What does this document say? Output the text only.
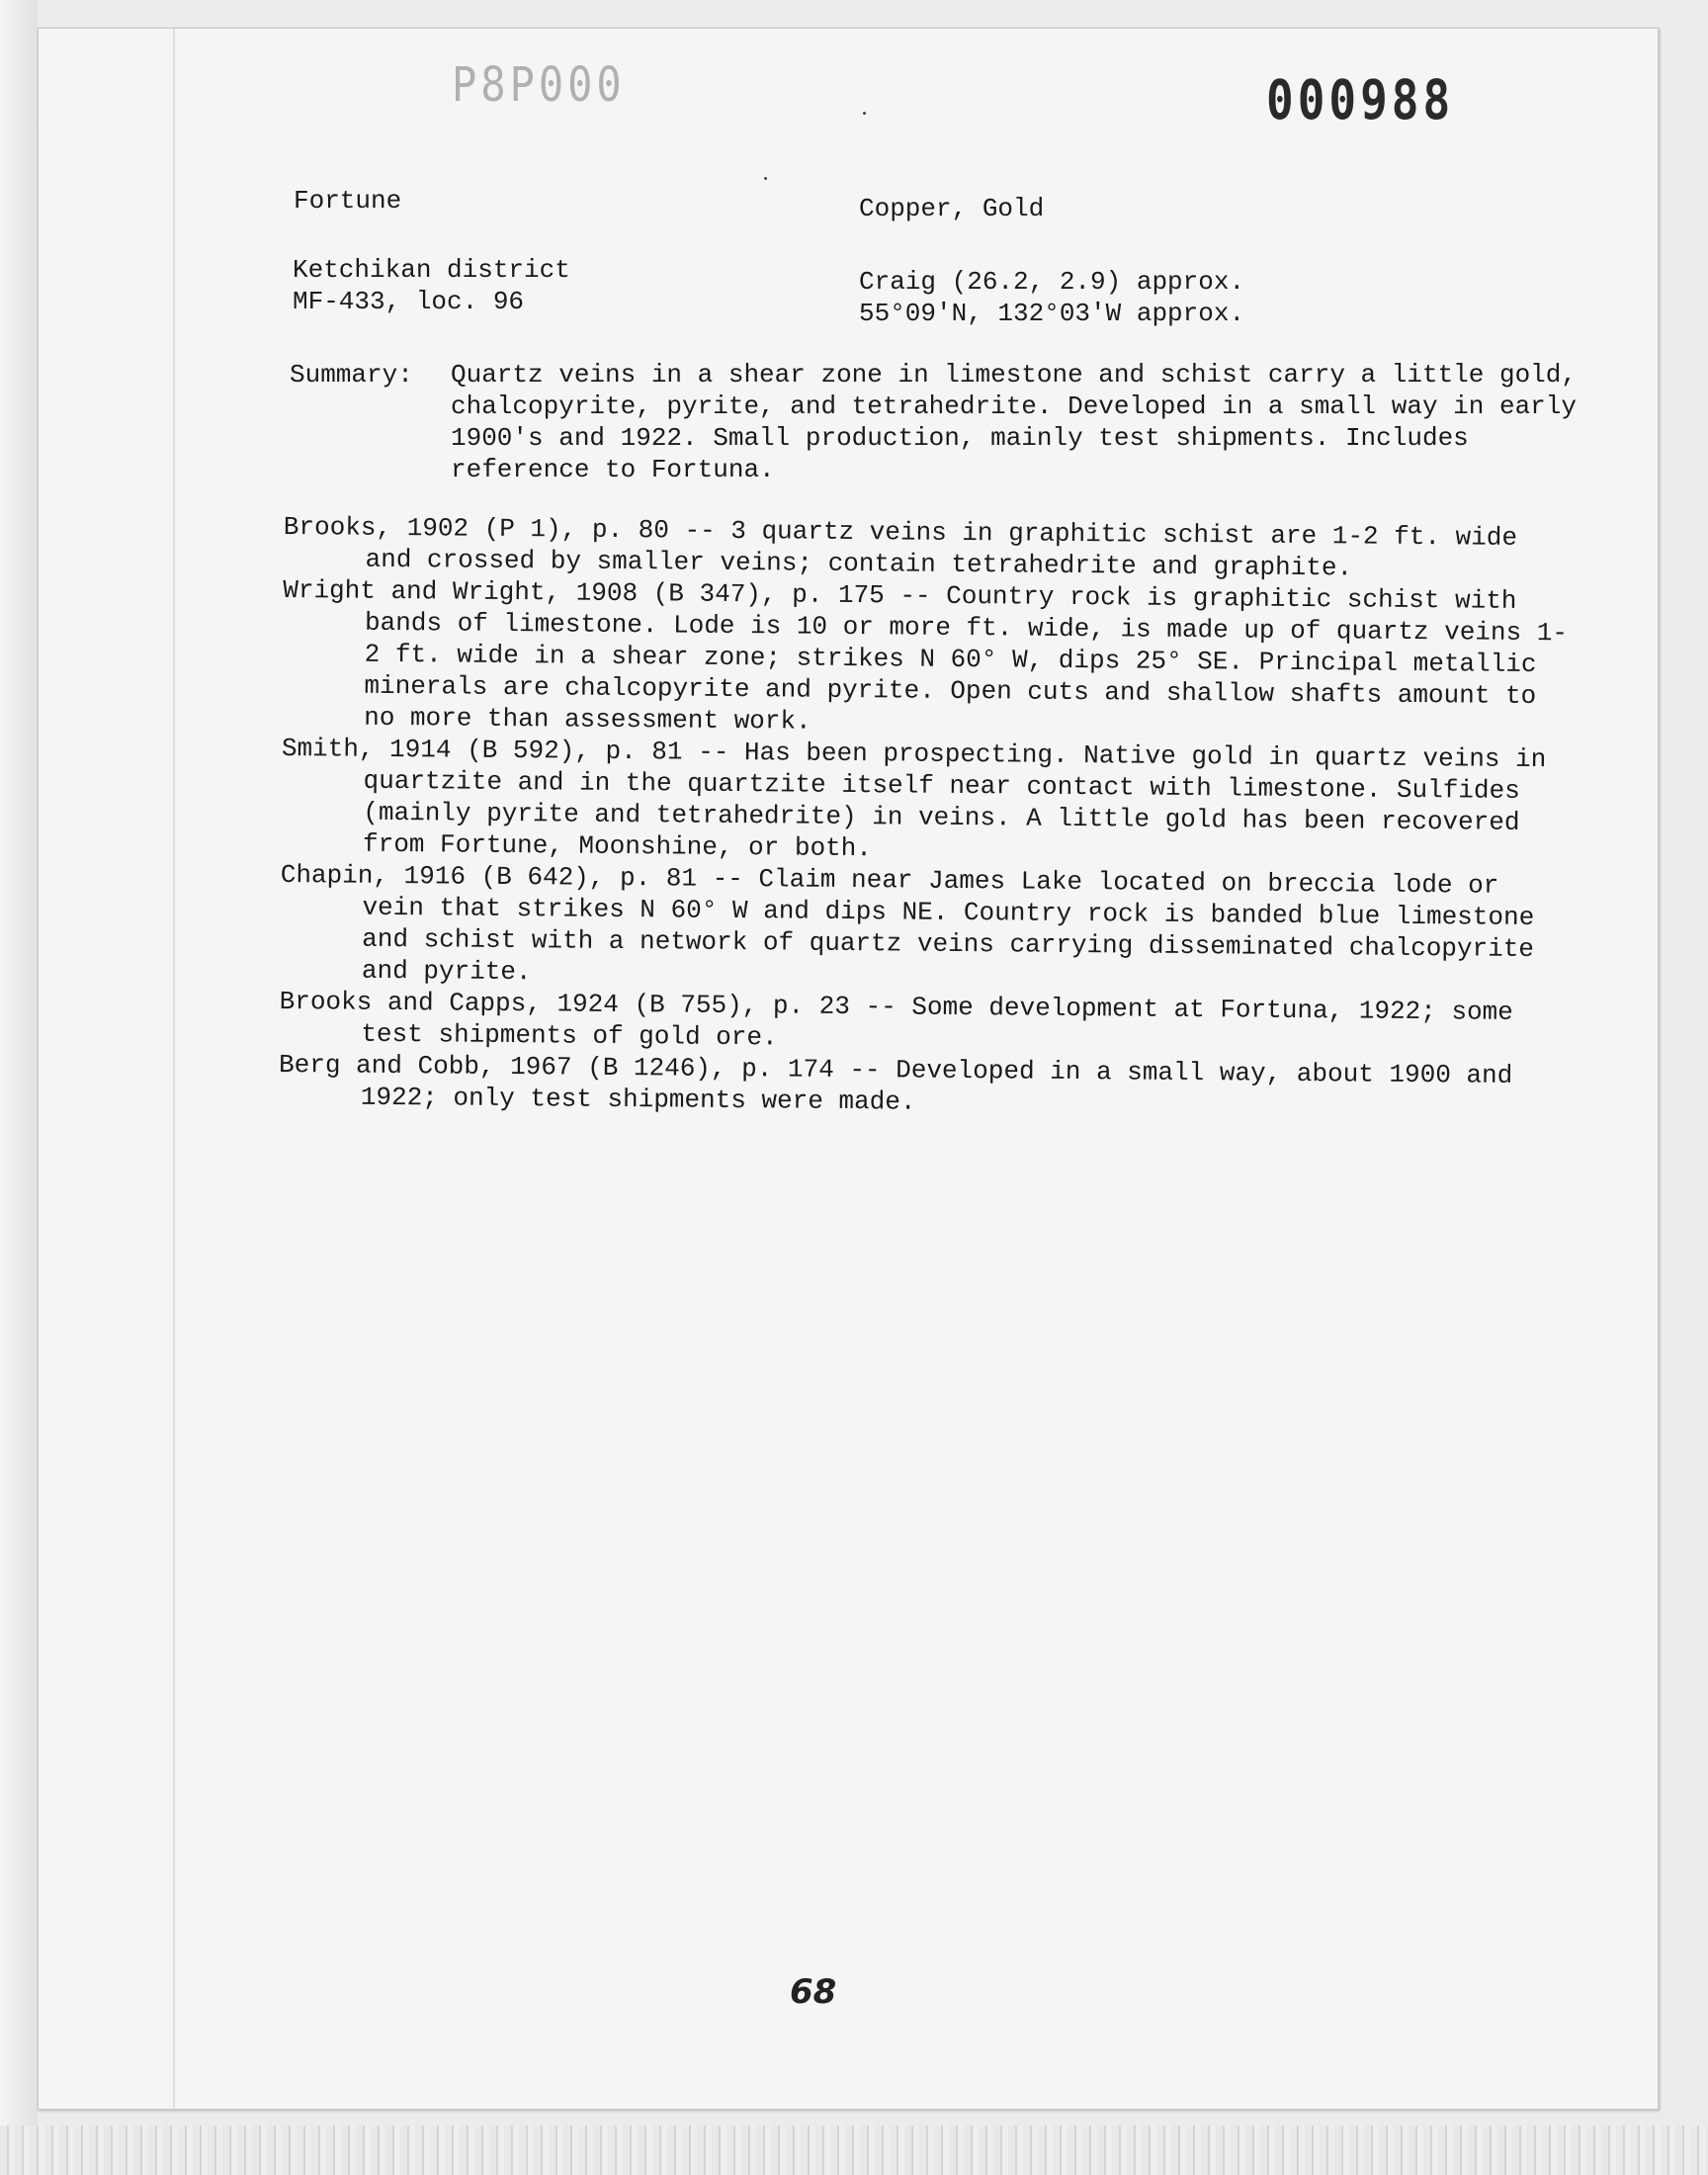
P8P000	000988
Fortune	Copper, Gold
Ketchikan district
MF-433, loc. 96
Craig (26.2, 2.9) approx.
55°09'N, 132°03'W approx.
Summary: Quartz veins in a shear zone in limestone and schist carry a little gold, chalcopyrite, pyrite, and tetrahedrite. Developed in a small way in early 1900's and 1922. Small production, mainly test shipments. Includes reference to Fortuna.

Brooks, 1902 (P 1), p. 80 -- 3 quartz veins in graphitic schist are 1-2 ft. wide and crossed by smaller veins; contain tetrahedrite and graphite.

Wright and Wright, 1908 (B 347), p. 175 -- Country rock is graphitic schist with bands of limestone. Lode is 10 or more ft. wide, is made up of quartz veins 1-2 ft. wide in a shear zone; strikes N 60° W, dips 25° SE. Principal metallic minerals are chalcopyrite and pyrite. Open cuts and shallow shafts amount to no more than assessment work.

Smith, 1914 (B 592), p. 81 -- Has been prospecting. Native gold in quartz veins in quartzite and in the quartzite itself near contact with limestone. Sulfides (mainly pyrite and tetrahedrite) in veins. A little gold has been recovered from Fortune, Moonshine, or both.

Chapin, 1916 (B 642), p. 81 -- Claim near James Lake located on breccia lode or vein that strikes N 60° W and dips NE. Country rock is banded blue limestone and schist with a network of quartz veins carrying disseminated chalcopyrite and pyrite.

Brooks and Capps, 1924 (B 755), p. 23 -- Some development at Fortuna, 1922; some test shipments of gold ore.

Berg and Cobb, 1967 (B 1246), p. 174 -- Developed in a small way, about 1900 and 1922; only test shipments were made.

68
